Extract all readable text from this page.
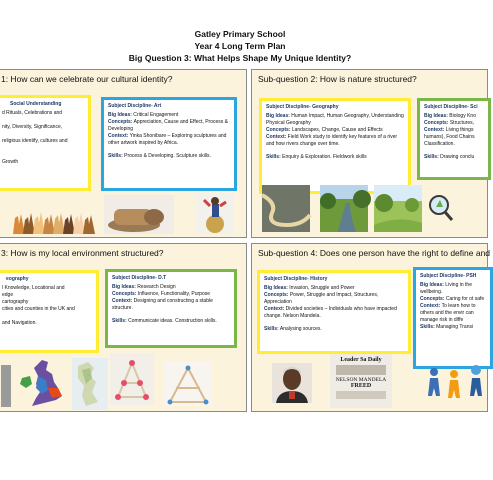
Gatley Primary School
Year 4 Long Term Plan
Big Question 3: What Helps Shape My Unique Identity?
1: How can we celebrate our cultural identity?
Social Understanding
d Rituals, Celebrations and
nity, Diversity, Significance,
religious identify, cultures and
Growth
Subject Discipline- Art
Big Ideas: Critical Engagement
Concepts: Appreciation, Cause and Effect, Process & Developing
Context: Yinka Shonibare – Exploring sculptures and other artwork inspired by Africa.
Skills: Process & Developing. Sculpture skills.
Sub-question 2: How is nature structured?
Subject Discipline- Geography
Big Ideas: Human Impact, Human Geography, Understanding Physical Geography
Concepts: Landscapes, Change, Cause and Effects
Context: Field Work study to identify key features of a river and how rivers change over time.
Skills: Enquiry & Exploration. Fieldwork skills
Subject Discipline- Sci
Big Ideas: Biology Kno
Concepts: Structures,
Context: Living things humans), Food Chains Classification.
Skills: Drawing conclu
3: How is my local environment structured?
eography
l Knowledge, Locational and
edge
cartography
cities and counties in the UK and
and Navigation.
Subject Discipline- D.T
Big Ideas: Research Design
Concepts: Influence, Functionality, Purpose
Context: Designing and constructing a stable structure.
Skills: Communicate ideas. Construction skills.
Sub-question 4: Does one person have the right to define and
Subject Discipline- History
Big Ideas: Invasion, Struggle and Power
Concepts: Power, Struggle and Impact, Structures, Appreciation
Context: Divided societies – Individuals who have impacted change. Nelson Mandela.
Skills: Analysing sources.
Subject Discipline- PSH
Big Ideas: Living in the wellbeing.
Concepts: Caring for ot safe
Context: To learn how to others and the envir can manage risk in diffe
Skills: Managing Transi
Leader Sa Daily
NELSON MANDELA
FREED
